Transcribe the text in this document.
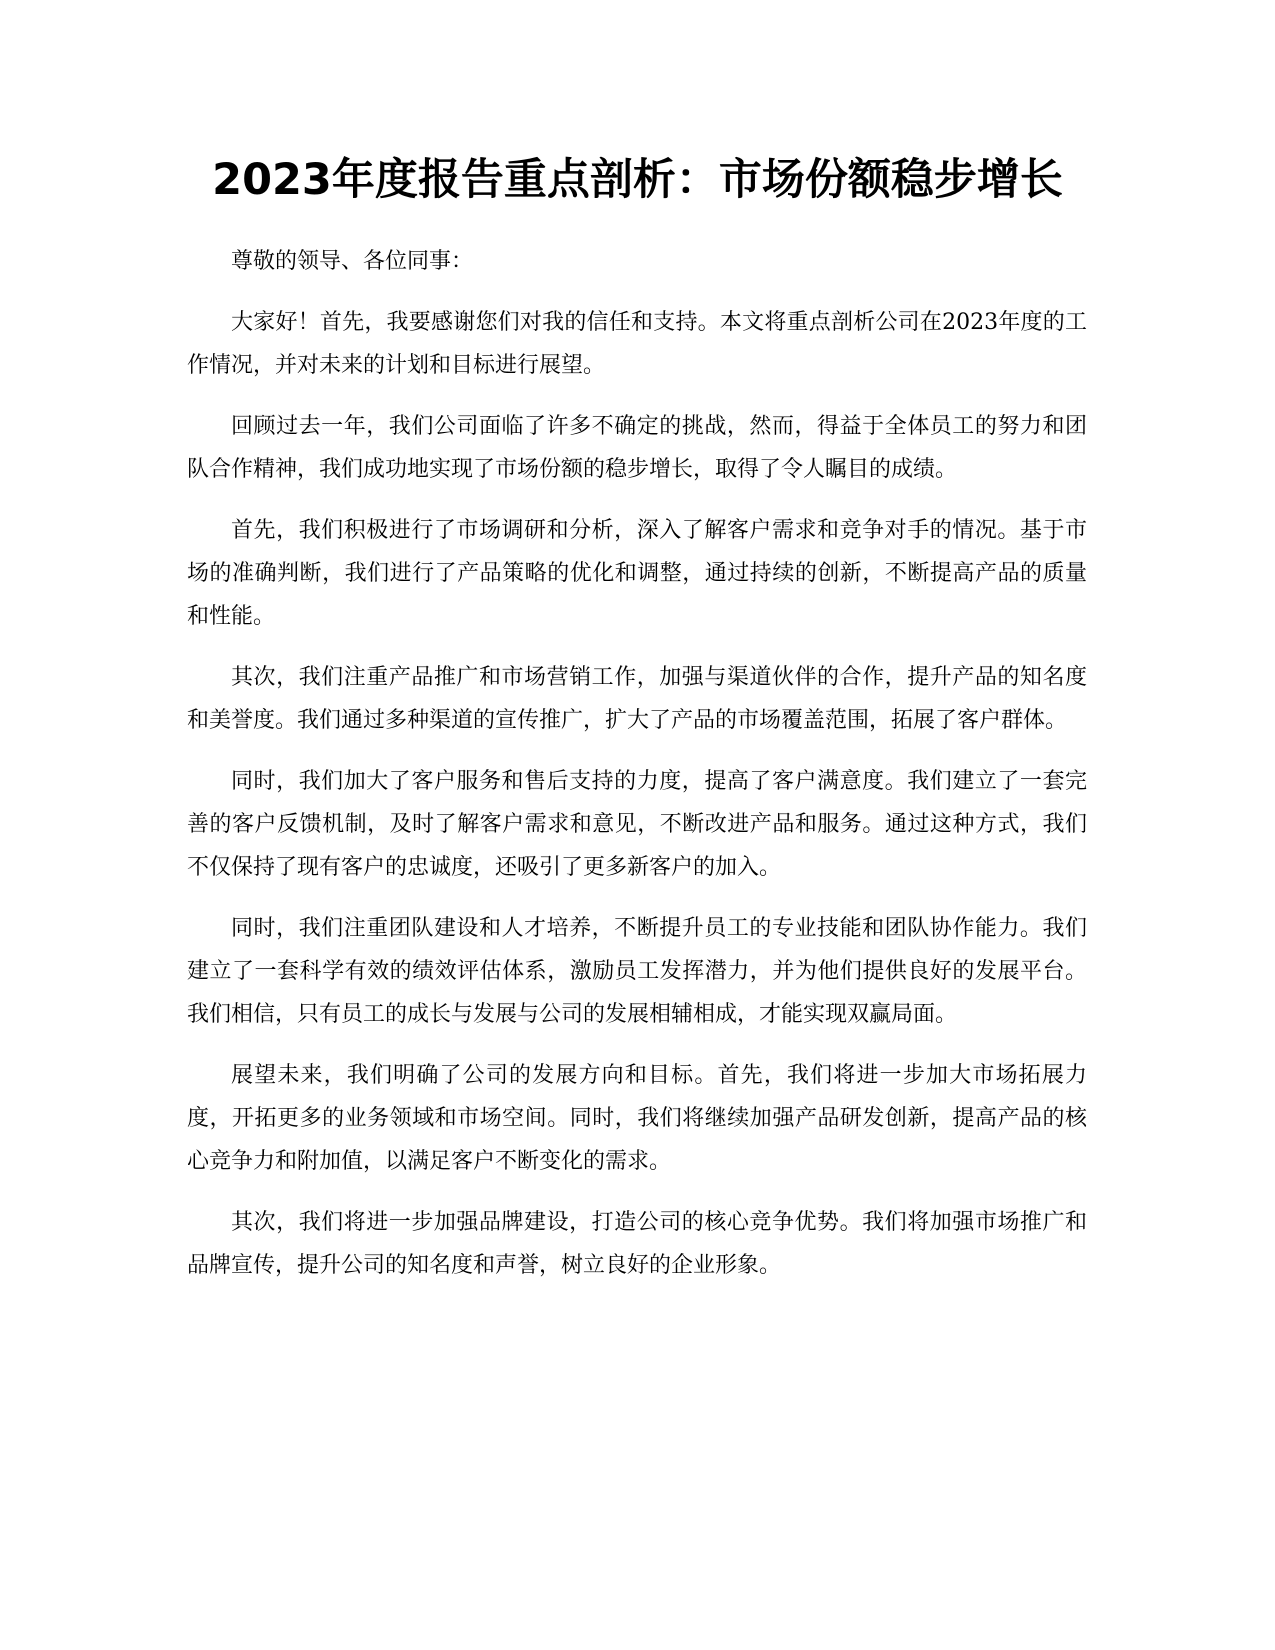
2023年度报告重点剖析：市场份额稳步增长

尊敬的领导、各位同事：

大家好！首先，我要感谢您们对我的信任和支持。本文将重点剖析公司在2023年度的工作情况，并对未来的计划和目标进行展望。

回顾过去一年，我们公司面临了许多不确定的挑战，然而，得益于全体员工的努力和团队合作精神，我们成功地实现了市场份额的稳步增长，取得了令人瞩目的成绩。

首先，我们积极进行了市场调研和分析，深入了解客户需求和竞争对手的情况。基于市场的准确判断，我们进行了产品策略的优化和调整，通过持续的创新，不断提高产品的质量和性能。

其次，我们注重产品推广和市场营销工作，加强与渠道伙伴的合作，提升产品的知名度和美誉度。我们通过多种渠道的宣传推广，扩大了产品的市场覆盖范围，拓展了客户群体。

同时，我们加大了客户服务和售后支持的力度，提高了客户满意度。我们建立了一套完善的客户反馈机制，及时了解客户需求和意见，不断改进产品和服务。通过这种方式，我们不仅保持了现有客户的忠诚度，还吸引了更多新客户的加入。

同时，我们注重团队建设和人才培养，不断提升员工的专业技能和团队协作能力。我们建立了一套科学有效的绩效评估体系，激励员工发挥潜力，并为他们提供良好的发展平台。我们相信，只有员工的成长与发展与公司的发展相辅相成，才能实现双赢局面。

展望未来，我们明确了公司的发展方向和目标。首先，我们将进一步加大市场拓展力度，开拓更多的业务领域和市场空间。同时，我们将继续加强产品研发创新，提高产品的核心竞争力和附加值，以满足客户不断变化的需求。

其次，我们将进一步加强品牌建设，打造公司的核心竞争优势。我们将加强市场推广和品牌宣传，提升公司的知名度和声誉，树立良好的企业形象。
